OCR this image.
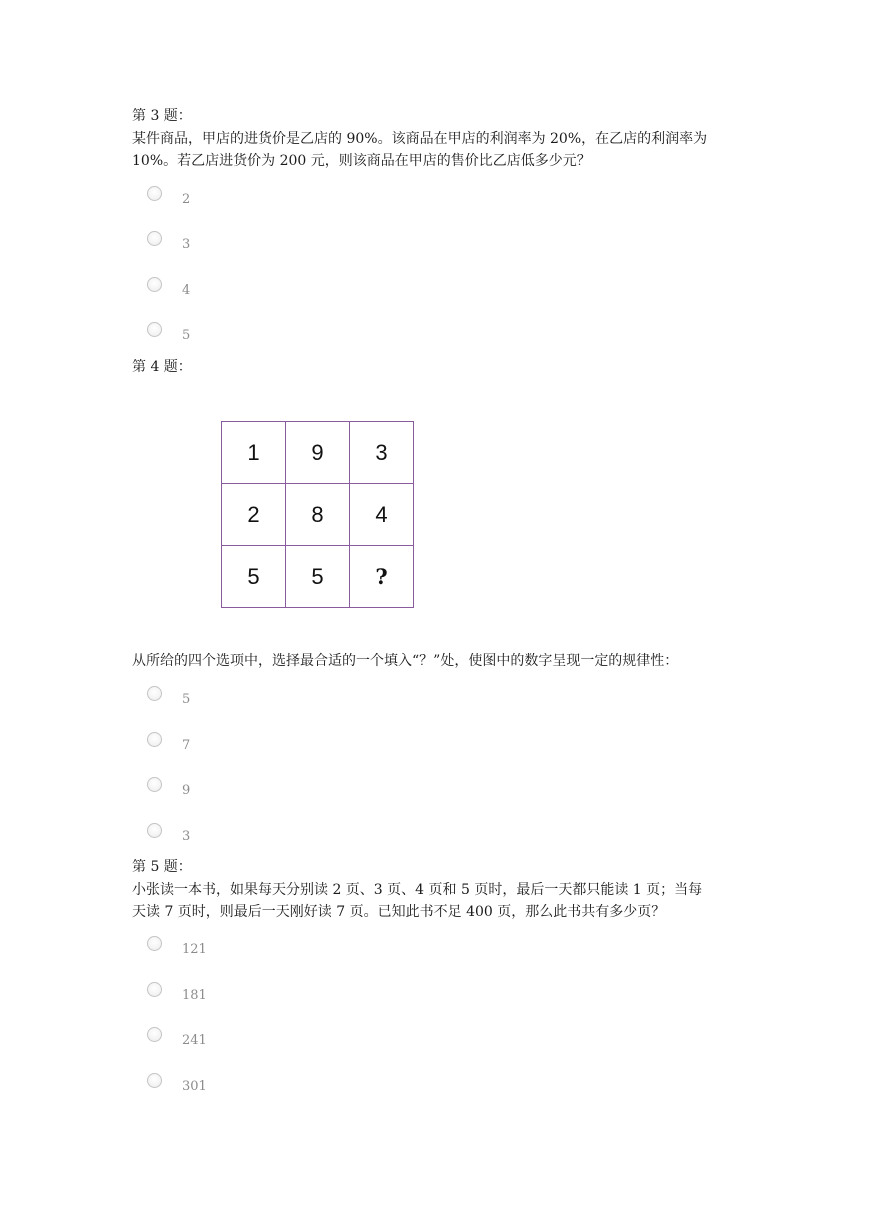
第 3 题：
某件商品，甲店的进货价是乙店的 90%。该商品在甲店的利润率为 20%，在乙店的利润率为
10%。若乙店进货价为 200 元，则该商品在甲店的售价比乙店低多少元？
2
3
4
5
第 4 题：
1	9	3
2	8	4
5	5	?
从所给的四个选项中，选择最合适的一个填入“？”处，使图中的数字呈现一定的规律性：
5
7
9
3
第 5 题：
小张读一本书，如果每天分别读 2 页、3 页、4 页和 5 页时，最后一天都只能读 1 页；当每
天读 7 页时，则最后一天刚好读 7 页。已知此书不足 400 页，那么此书共有多少页？
121
181
241
301
